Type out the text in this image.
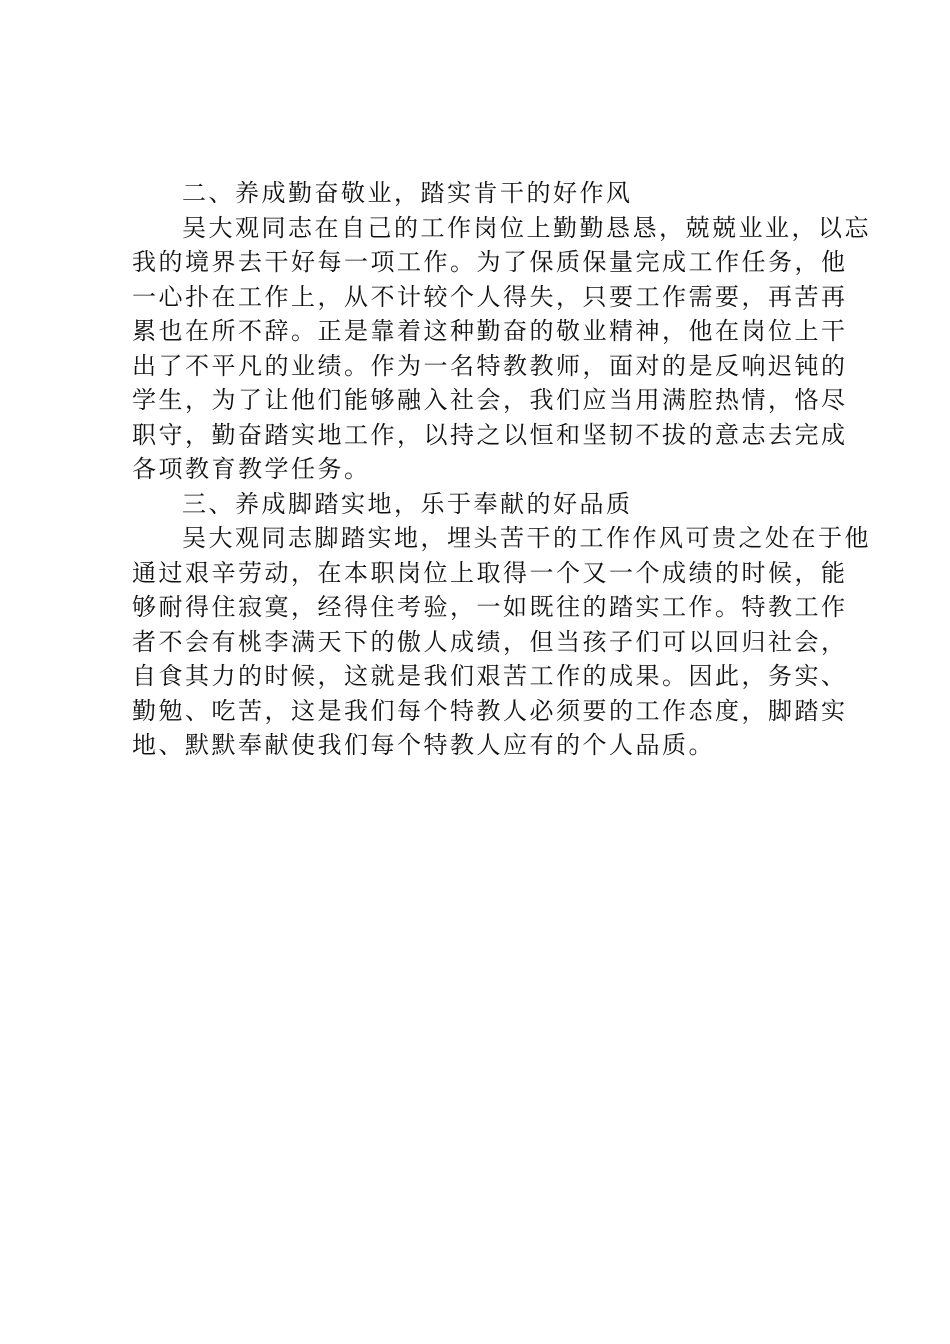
二、养成勤奋敬业，踏实肯干的好作风
吴大观同志在自己的工作岗位上勤勤恳恳，兢兢业业，以忘
我的境界去干好每一项工作。为了保质保量完成工作任务，他
一心扑在工作上，从不计较个人得失，只要工作需要，再苦再
累也在所不辞。正是靠着这种勤奋的敬业精神，他在岗位上干
出了不平凡的业绩。作为一名特教教师，面对的是反响迟钝的
学生，为了让他们能够融入社会，我们应当用满腔热情，恪尽
职守，勤奋踏实地工作，以持之以恒和坚韧不拔的意志去完成
各项教育教学任务。
三、养成脚踏实地，乐于奉献的好品质
吴大观同志脚踏实地，埋头苦干的工作作风可贵之处在于他
通过艰辛劳动，在本职岗位上取得一个又一个成绩的时候，能
够耐得住寂寞，经得住考验，一如既往的踏实工作。特教工作
者不会有桃李满天下的傲人成绩，但当孩子们可以回归社会，
自食其力的时候，这就是我们艰苦工作的成果。因此，务实、
勤勉、吃苦，这是我们每个特教人必须要的工作态度，脚踏实
地、默默奉献使我们每个特教人应有的个人品质。
